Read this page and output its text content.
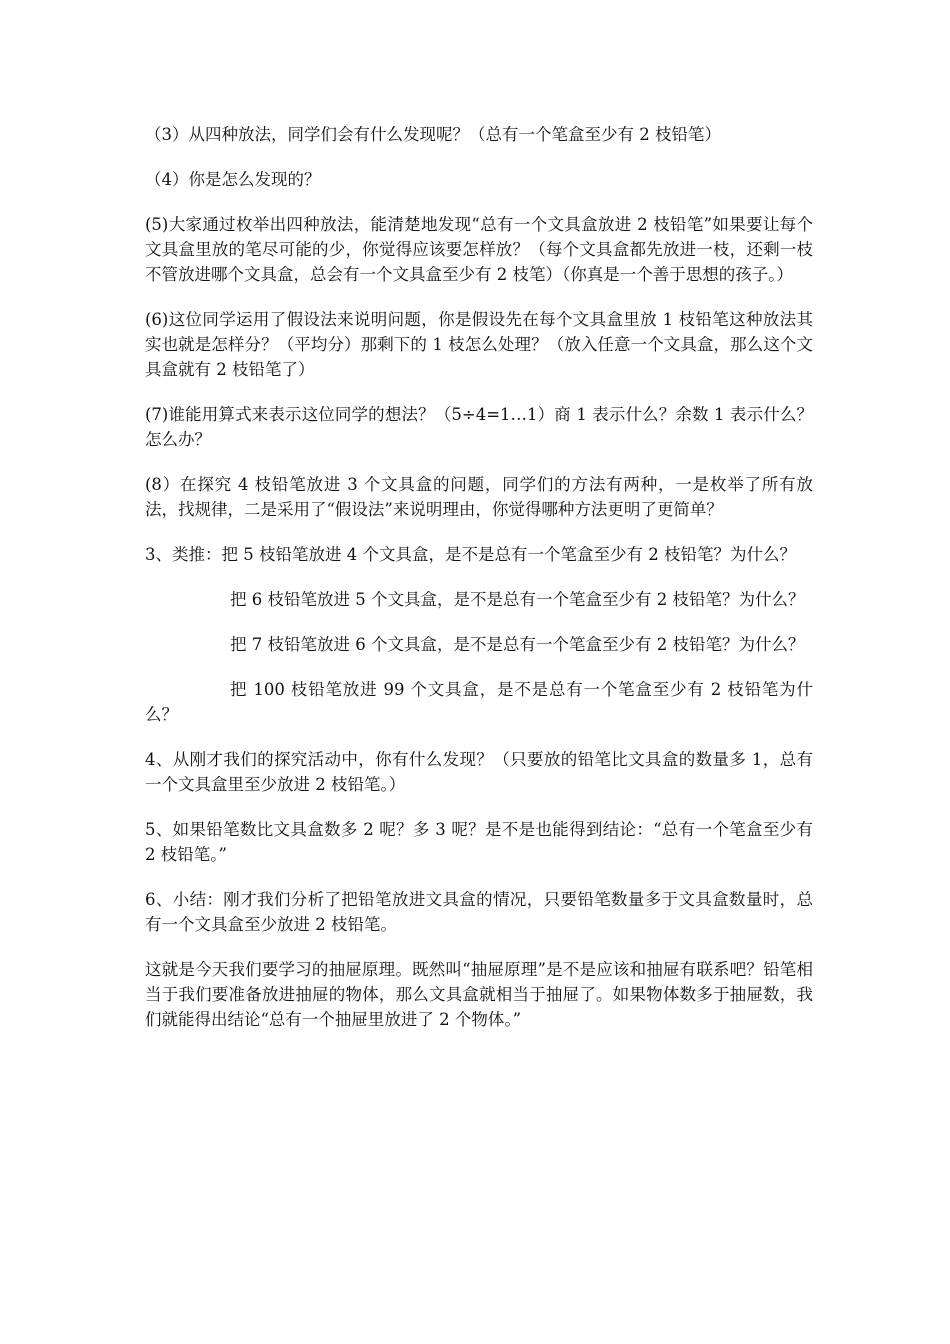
（3）从四种放法，同学们会有什么发现呢？（总有一个笔盒至少有 2 枝铅笔）

（4）你是怎么发现的？

(5)大家通过枚举出四种放法，能清楚地发现“总有一个文具盒放进 2 枝铅笔”如果要让每个文具盒里放的笔尽可能的少，你觉得应该要怎样放？（每个文具盒都先放进一枝，还剩一枝不管放进哪个文具盒，总会有一个文具盒至少有 2 枝笔）（你真是一个善于思想的孩子。）

(6)这位同学运用了假设法来说明问题，你是假设先在每个文具盒里放 1 枝铅笔这种放法其实也就是怎样分？（平均分）那剩下的 1 枝怎么处理？（放入任意一个文具盒，那么这个文具盒就有 2 枝铅笔了）

(7)谁能用算式来表示这位同学的想法？（5÷4=1…1）商 1 表示什么？余数 1 表示什么？怎么办？

(8）在探究 4 枝铅笔放进 3 个文具盒的问题，同学们的方法有两种，一是枚举了所有放法，找规律，二是采用了“假设法”来说明理由，你觉得哪种方法更明了更简单？

3、类推：把 5 枝铅笔放进 4 个文具盒，是不是总有一个笔盒至少有 2 枝铅笔？为什么？

把 6 枝铅笔放进 5 个文具盒，是不是总有一个笔盒至少有 2 枝铅笔？为什么？

把 7 枝铅笔放进 6 个文具盒，是不是总有一个笔盒至少有 2 枝铅笔？为什么？

把 100 枝铅笔放进 99 个文具盒，是不是总有一个笔盒至少有 2 枝铅笔为什么？

4、从刚才我们的探究活动中，你有什么发现？（只要放的铅笔比文具盒的数量多 1，总有一个文具盒里至少放进 2 枝铅笔。）

5、如果铅笔数比文具盒数多 2 呢？多 3 呢？是不是也能得到结论：“总有一个笔盒至少有 2 枝铅笔。”

6、小结：刚才我们分析了把铅笔放进文具盒的情况，只要铅笔数量多于文具盒数量时，总有一个文具盒至少放进 2 枝铅笔。

这就是今天我们要学习的抽屉原理。既然叫“抽屉原理”是不是应该和抽屉有联系吧？铅笔相当于我们要准备放进抽屉的物体，那么文具盒就相当于抽屉了。如果物体数多于抽屉数，我们就能得出结论“总有一个抽屉里放进了 2 个物体。”
